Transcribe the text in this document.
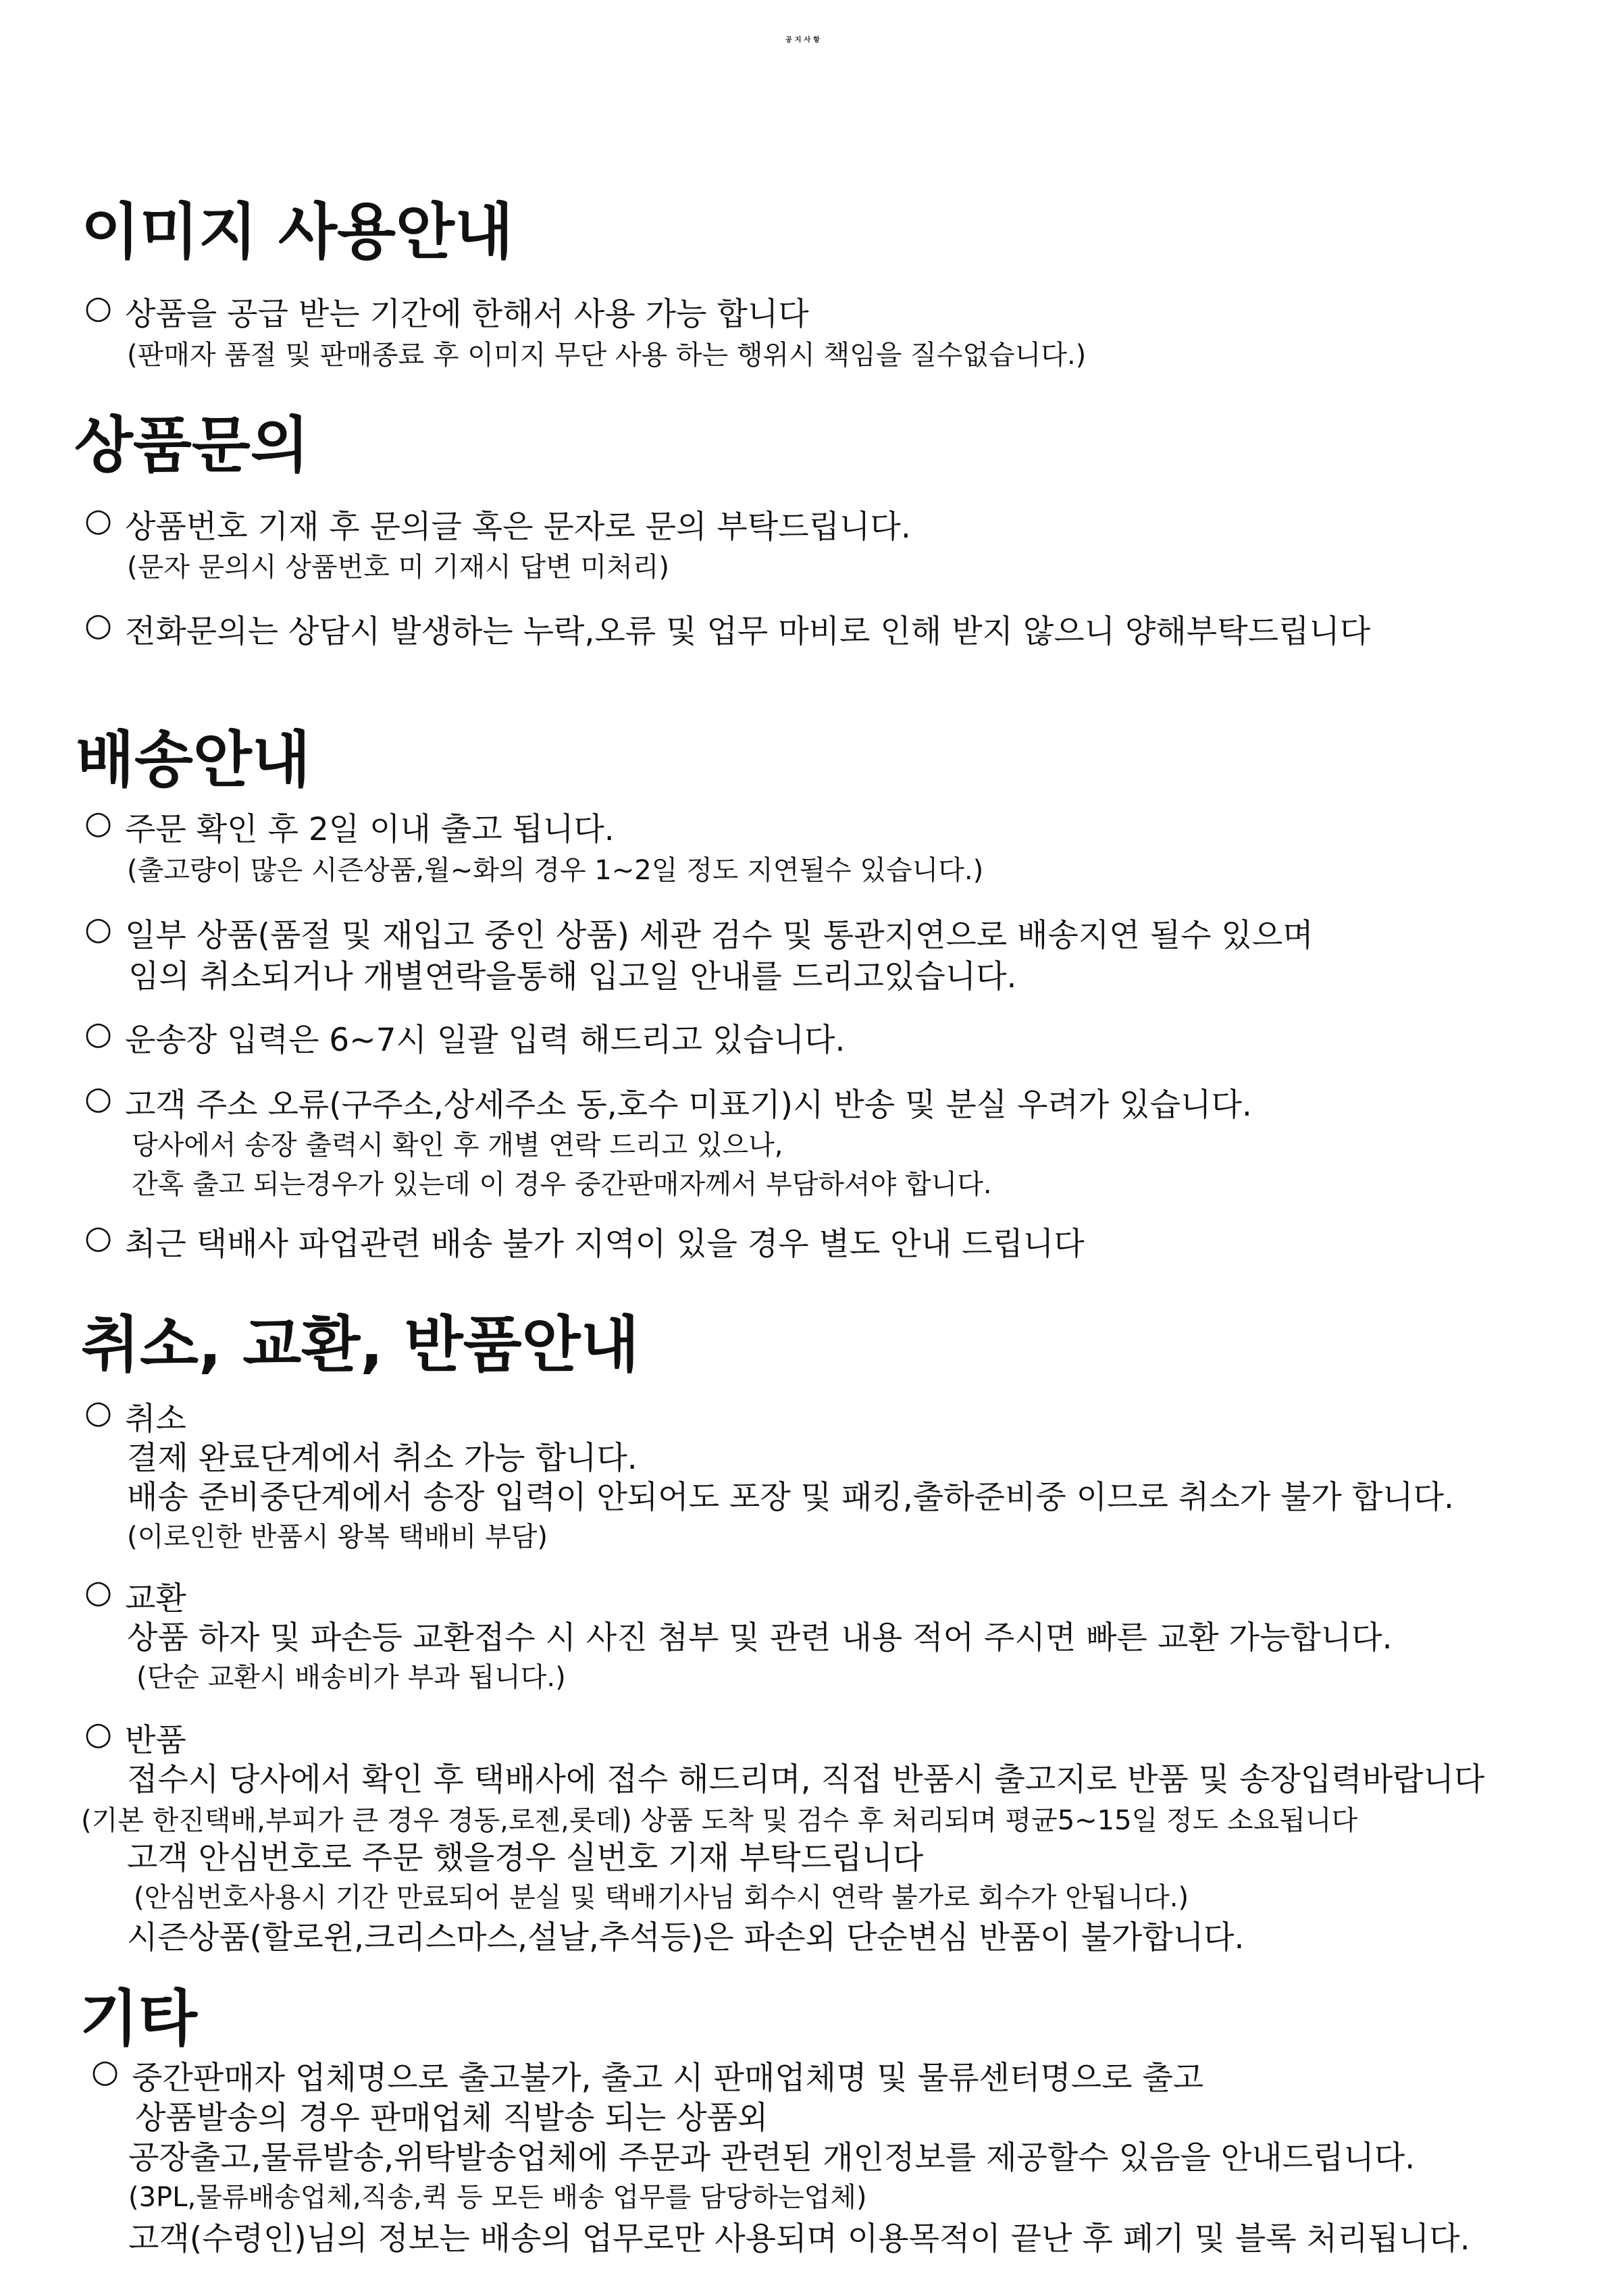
공지사항
이미지 사용안내
○ 상품을 공급 받는 기간에 한해서 사용 가능 합니다
(판매자 품절 및 판매종료 후 이미지 무단 사용 하는 행위시 책임을 질수없습니다.)
상품문의
○ 상품번호 기재 후 문의글 혹은 문자로 문의 부탁드립니다.
(문자 문의시 상품번호 미 기재시 답변 미처리)
○ 전화문의는 상담시 발생하는 누락,오류 및 업무 마비로 인해 받지 않으니 양해부탁드립니다
배송안내
○ 주문 확인 후 2일 이내 출고 됩니다.
(출고량이 많은 시즌상품,월~화의 경우 1~2일 정도 지연될수 있습니다.)
○ 일부 상품(품절 및 재입고 중인 상품) 세관 검수 및 통관지연으로 배송지연 될수 있으며
임의 취소되거나 개별연락을통해 입고일 안내를 드리고있습니다.
○ 운송장 입력은 6~7시 일괄 입력 해드리고 있습니다.
○ 고객 주소 오류(구주소,상세주소 동,호수 미표기)시 반송 및 분실 우려가 있습니다.
당사에서 송장 출력시 확인 후 개별 연락 드리고 있으나,
간혹 출고 되는경우가 있는데 이 경우 중간판매자께서 부담하셔야 합니다.
○ 최근 택배사 파업관련 배송 불가 지역이 있을 경우 별도 안내 드립니다
취소, 교환, 반품안내
○ 취소
결제 완료단계에서 취소 가능 합니다.
배송 준비중단계에서 송장 입력이 안되어도 포장 및 패킹,출하준비중 이므로 취소가 불가 합니다.
(이로인한 반품시 왕복 택배비 부담)
○ 교환
상품 하자 및 파손등 교환접수 시 사진 첨부 및 관련 내용 적어 주시면 빠른 교환 가능합니다.
(단순 교환시 배송비가 부과 됩니다.)
○ 반품
접수시 당사에서 확인 후 택배사에 접수 해드리며, 직접 반품시 출고지로 반품 및 송장입력바랍니다
(기본 한진택배,부피가 큰 경우 경동,로젠,롯데) 상품 도착 및 검수 후 처리되며 평균5~15일 정도 소요됩니다
고객 안심번호로 주문 했을경우 실번호 기재 부탁드립니다
(안심번호사용시 기간 만료되어 분실 및 택배기사님 회수시 연락 불가로 회수가 안됩니다.)
시즌상품(할로윈,크리스마스,설날,추석등)은 파손외 단순변심 반품이 불가합니다.
기타
○ 중간판매자 업체명으로 출고불가, 출고 시 판매업체명 및 물류센터명으로 출고
상품발송의 경우 판매업체 직발송 되는 상품외
공장출고,물류발송,위탁발송업체에 주문과 관련된 개인정보를 제공할수 있음을 안내드립니다.
(3PL,물류배송업체,직송,퀵 등 모든 배송 업무를 담당하는업체)
고객(수령인)님의 정보는 배송의 업무로만 사용되며 이용목적이 끝난 후 폐기 및 블록 처리됩니다.
